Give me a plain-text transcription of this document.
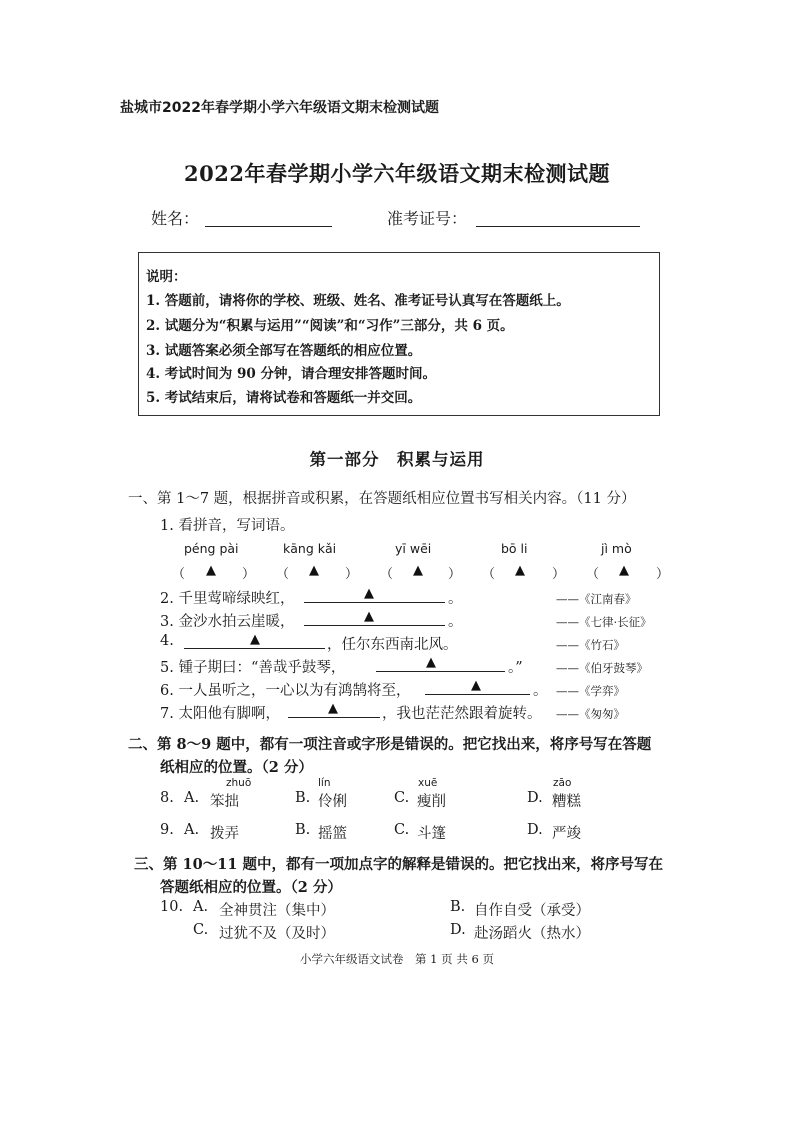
盐城市2022年春学期小学六年级语文期末检测试题
2022年春学期小学六年级语文期末检测试题
姓名：	准考证号：
说明：
1. 答题前，请将你的学校、班级、姓名、准考证号认真写在答题纸上。
2. 试题分为“积累与运用”“阅读”和“习作”三部分，共 6 页。
3. 试题答案必须全部写在答题纸的相应位置。
4. 考试时间为 90 分钟，请合理安排答题时间。
5. 考试结束后，请将试卷和答题纸一并交回。
第一部分　积累与运用
一、第 1～7 题，根据拼音或积累，在答题纸相应位置书写相关内容。（11 分）
1. 看拼音，写词语。
péng pài	kāng kǎi	yī wēi	bō li	jì mò
（ ▲ ） （ ▲ ） （ ▲ ） （ ▲ ） （ ▲ ）
2. 千里莺啼绿映红，	▲	。	——《江南春》
3. 金沙水拍云崖暖，	▲	。	——《七律·长征》
4.	▲	，任尔东西南北风。	——《竹石》
5. 锺子期曰：“善哉乎鼓琴，	▲	。”	——《伯牙鼓琴》
6. 一人虽听之，一心以为有鸿鹄将至，	▲	。 ——《学弈》
7. 太阳他有脚啊，	▲	，我也茫茫然跟着旋转。 ——《匆匆》
二、第 8～9 题中，都有一项注音或字形是错误的。把它找出来，将序号写在答题
纸相应的位置。（2 分）
zhuō	lín	xuē	zāo
8. A. 笨拙	B. 伶俐	C. 瘦削	D. 糟糕
9. A. 拨弄	B. 摇篮	C. 斗篷	D. 严竣
三、第 10～11 题中，都有一项加点字的解释是错误的。把它找出来，将序号写在
答题纸相应的位置。（2 分）
10. A. 全神贯注（集中）	B. 自作自受（承受）
C. 过犹不及（及时）	D. 赴汤蹈火（热水）
小学六年级语文试卷　第 1 页 共 6 页
